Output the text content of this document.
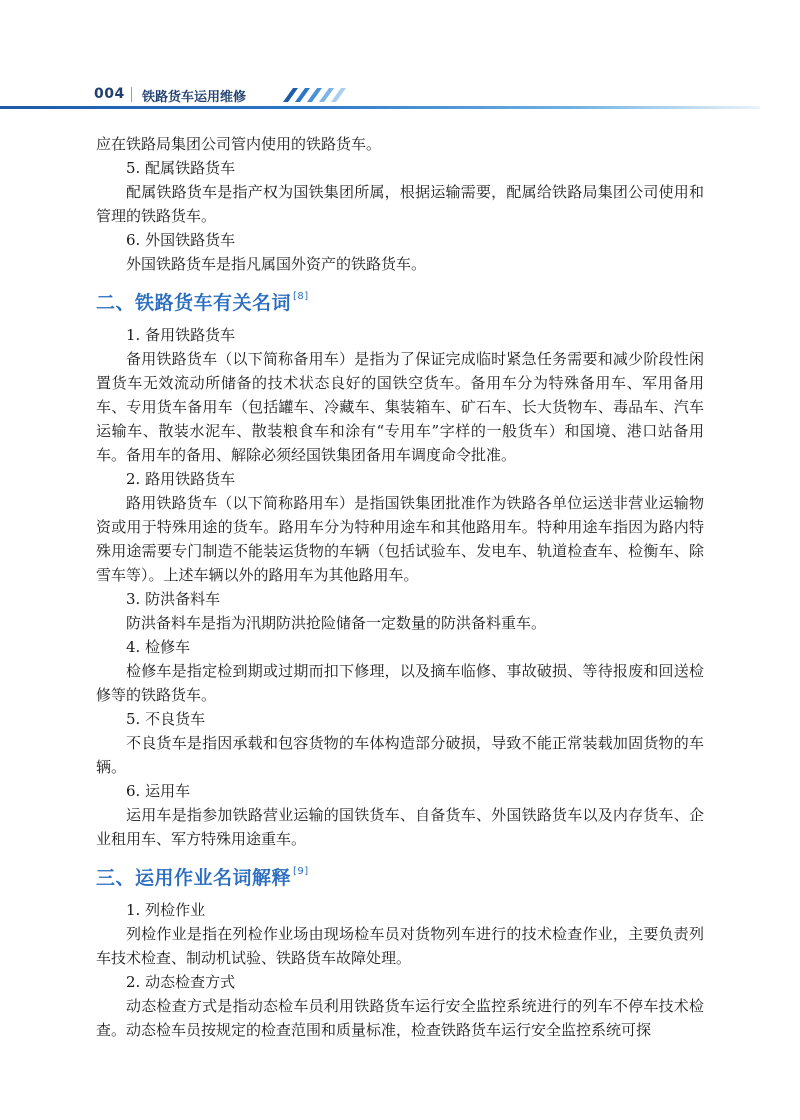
004 铁路货车运用维修

应在铁路局集团公司管内使用的铁路货车。

5. 配属铁路货车

配属铁路货车是指产权为国铁集团所属，根据运输需要，配属给铁路局集团公司使用和管理的铁路货车。

6. 外国铁路货车

外国铁路货车是指凡属国外资产的铁路货车。

二、铁路货车有关名词 [8]

1. 备用铁路货车

备用铁路货车（以下简称备用车）是指为了保证完成临时紧急任务需要和减少阶段性闲置货车无效流动所储备的技术状态良好的国铁空货车。备用车分为特殊备用车、军用备用车、专用货车备用车（包括罐车、冷藏车、集装箱车、矿石车、长大货物车、毒品车、汽车运输车、散装水泥车、散装粮食车和涂有“专用车”字样的一般货车）和国境、港口站备用车。备用车的备用、解除必须经国铁集团备用车调度命令批准。

2. 路用铁路货车

路用铁路货车（以下简称路用车）是指国铁集团批准作为铁路各单位运送非营业运输物资或用于特殊用途的货车。路用车分为特种用途车和其他路用车。特种用途车指因为路内特殊用途需要专门制造不能装运货物的车辆（包括试验车、发电车、轨道检查车、检衡车、除雪车等）。上述车辆以外的路用车为其他路用车。

3. 防洪备料车

防洪备料车是指为汛期防洪抢险储备一定数量的防洪备料重车。

4. 检修车

检修车是指定检到期或过期而扣下修理，以及摘车临修、事故破损、等待报废和回送检修等的铁路货车。

5. 不良货车

不良货车是指因承载和包容货物的车体构造部分破损，导致不能正常装载加固货物的车辆。

6. 运用车

运用车是指参加铁路营业运输的国铁货车、自备货车、外国铁路货车以及内存货车、企业租用车、军方特殊用途重车。

三、运用作业名词解释 [9]

1. 列检作业

列检作业是指在列检作业场由现场检车员对货物列车进行的技术检查作业，主要负责列车技术检查、制动机试验、铁路货车故障处理。

2. 动态检查方式

动态检查方式是指动态检车员利用铁路货车运行安全监控系统进行的列车不停车技术检查。动态检车员按规定的检查范围和质量标准，检查铁路货车运行安全监控系统可探
